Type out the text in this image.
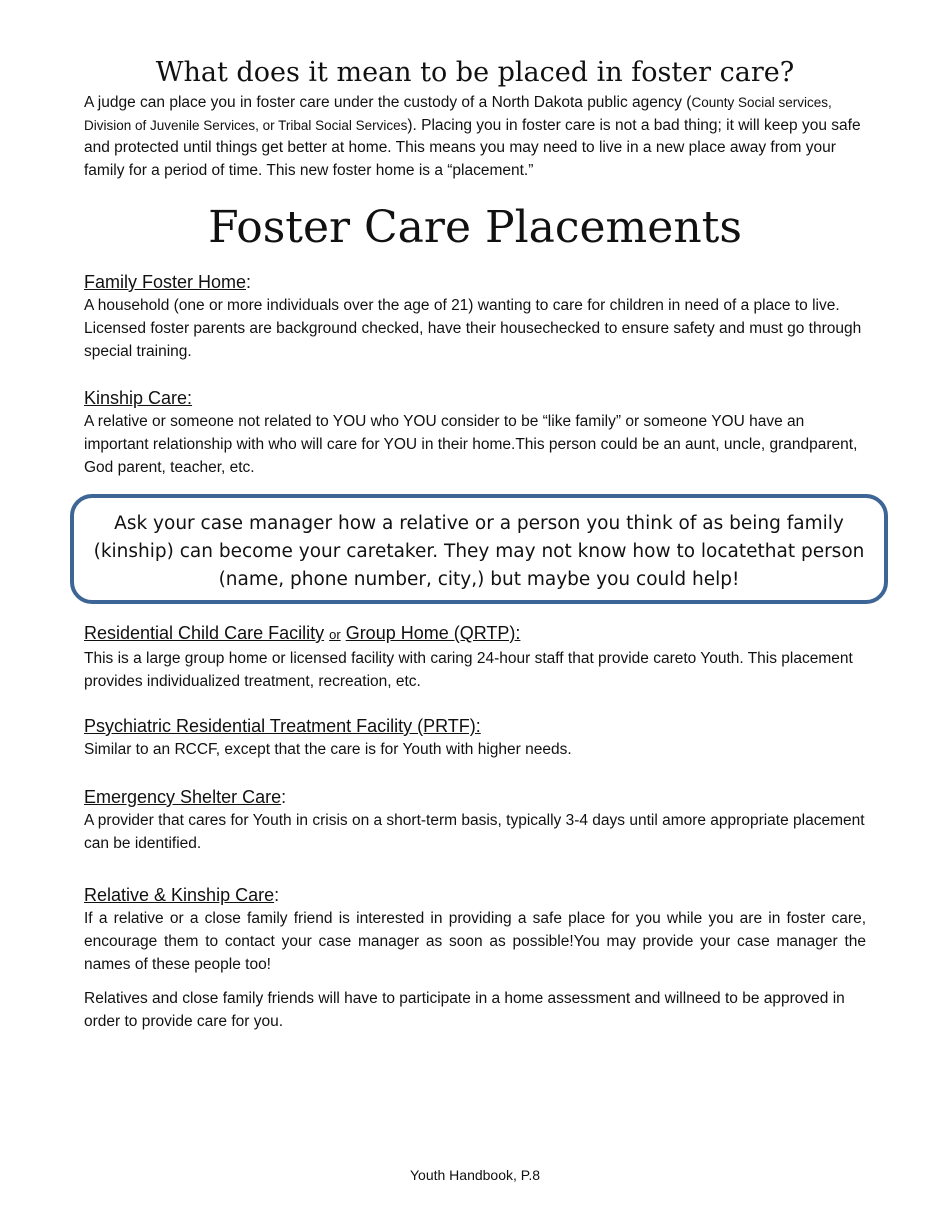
What does it mean to be placed in foster care?

A judge can place you in foster care under the custody of a North Dakota public agency (County Social services, Division of Juvenile Services, or Tribal Social Services). Placing you in foster care is not a bad thing; it will keep you safe and protected until things get better at home. This means you may need to live in a new place away from your family for a period of time. This new foster home is a “placement.”

Foster Care Placements
Family Foster Home:

A household (one or more individuals over the age of 21) wanting to care for children in need of a place to live. Licensed foster parents are background checked, have their housechecked to ensure safety and must go through special training.

Kinship Care:

A relative or someone not related to YOU who YOU consider to be “like family” or someone YOU have an important relationship with who will care for YOU in their home.This person could be an aunt, uncle, grandparent, God parent, teacher, etc.

Residential Child Care Facility or Group Home (QRTP):

This is a large group home or licensed facility with caring 24-hour staff that provide careto Youth. This placement provides individualized treatment, recreation, etc.

Psychiatric Residential Treatment Facility (PRTF):

Similar to an RCCF, except that the care is for Youth with higher needs.

Emergency Shelter Care:

A provider that cares for Youth in crisis on a short-term basis, typically 3-4 days until amore appropriate placement can be identified.

Relative & Kinship Care:

If a relative or a close family friend is interested in providing a safe place for you while you are in foster care, encourage them to contact your case manager as soon as possible!You may provide your case manager the names of these people too!

Relatives and close family friends will have to participate in a home assessment and willneed to be approved in order to provide care for you.

Ask your case manager how a relative or a person you think of as being family (kinship) can become your caretaker. They may not know how to locatethat person (name, phone number, city,) but maybe you could help!

Youth Handbook, P.8
